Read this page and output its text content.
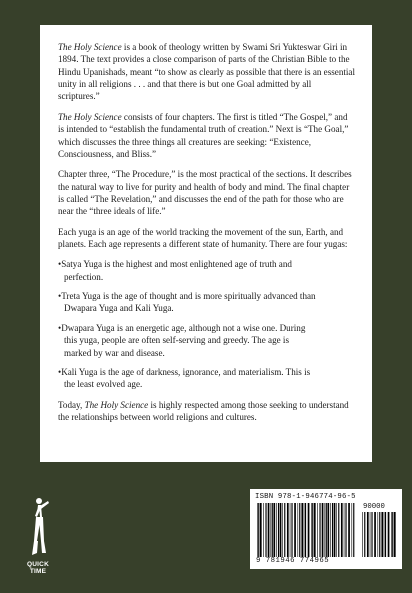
The Holy Science is a book of theology written by Swami Sri Yukteswar Giri in 1894. The text provides a close comparison of parts of the Christian Bible to the Hindu Upanishads, meant “to show as clearly as possible that there is an essential unity in all religions . . . and that there is but one Goal admitted by all scriptures.”

The Holy Science consists of four chapters. The first is titled “The Gospel,” and is intended to “establish the fundamental truth of creation.” Next is “The Goal,” which discusses the three things all creatures are seeking: “Existence, Consciousness, and Bliss.”

Chapter three, “The Procedure,” is the most practical of the sections. It describes the natural way to live for purity and health of body and mind. The final chapter is called “The Revelation,” and discusses the end of the path for those who are near the “three ideals of life.”

Each yuga is an age of the world tracking the movement of the sun, Earth, and planets. Each age represents a different state of humanity. There are four yugas:

•Satya Yuga is the highest and most enlightened age of truth and perfection.
•Treta Yuga is the age of thought and is more spiritually advanced than Dwapara Yuga and Kali Yuga.
•Dwapara Yuga is an energetic age, although not a wise one. During this yuga, people are often self-serving and greedy. The age is marked by war and disease.
•Kali Yuga is the age of darkness, ignorance, and materialism. This is the least evolved age.

Today, The Holy Science is highly respected among those seeking to understand the relationships between world religions and cultures.

QUICK
TIME
ISBN 978-1-946774-96-5
90000
9 781946 774965
